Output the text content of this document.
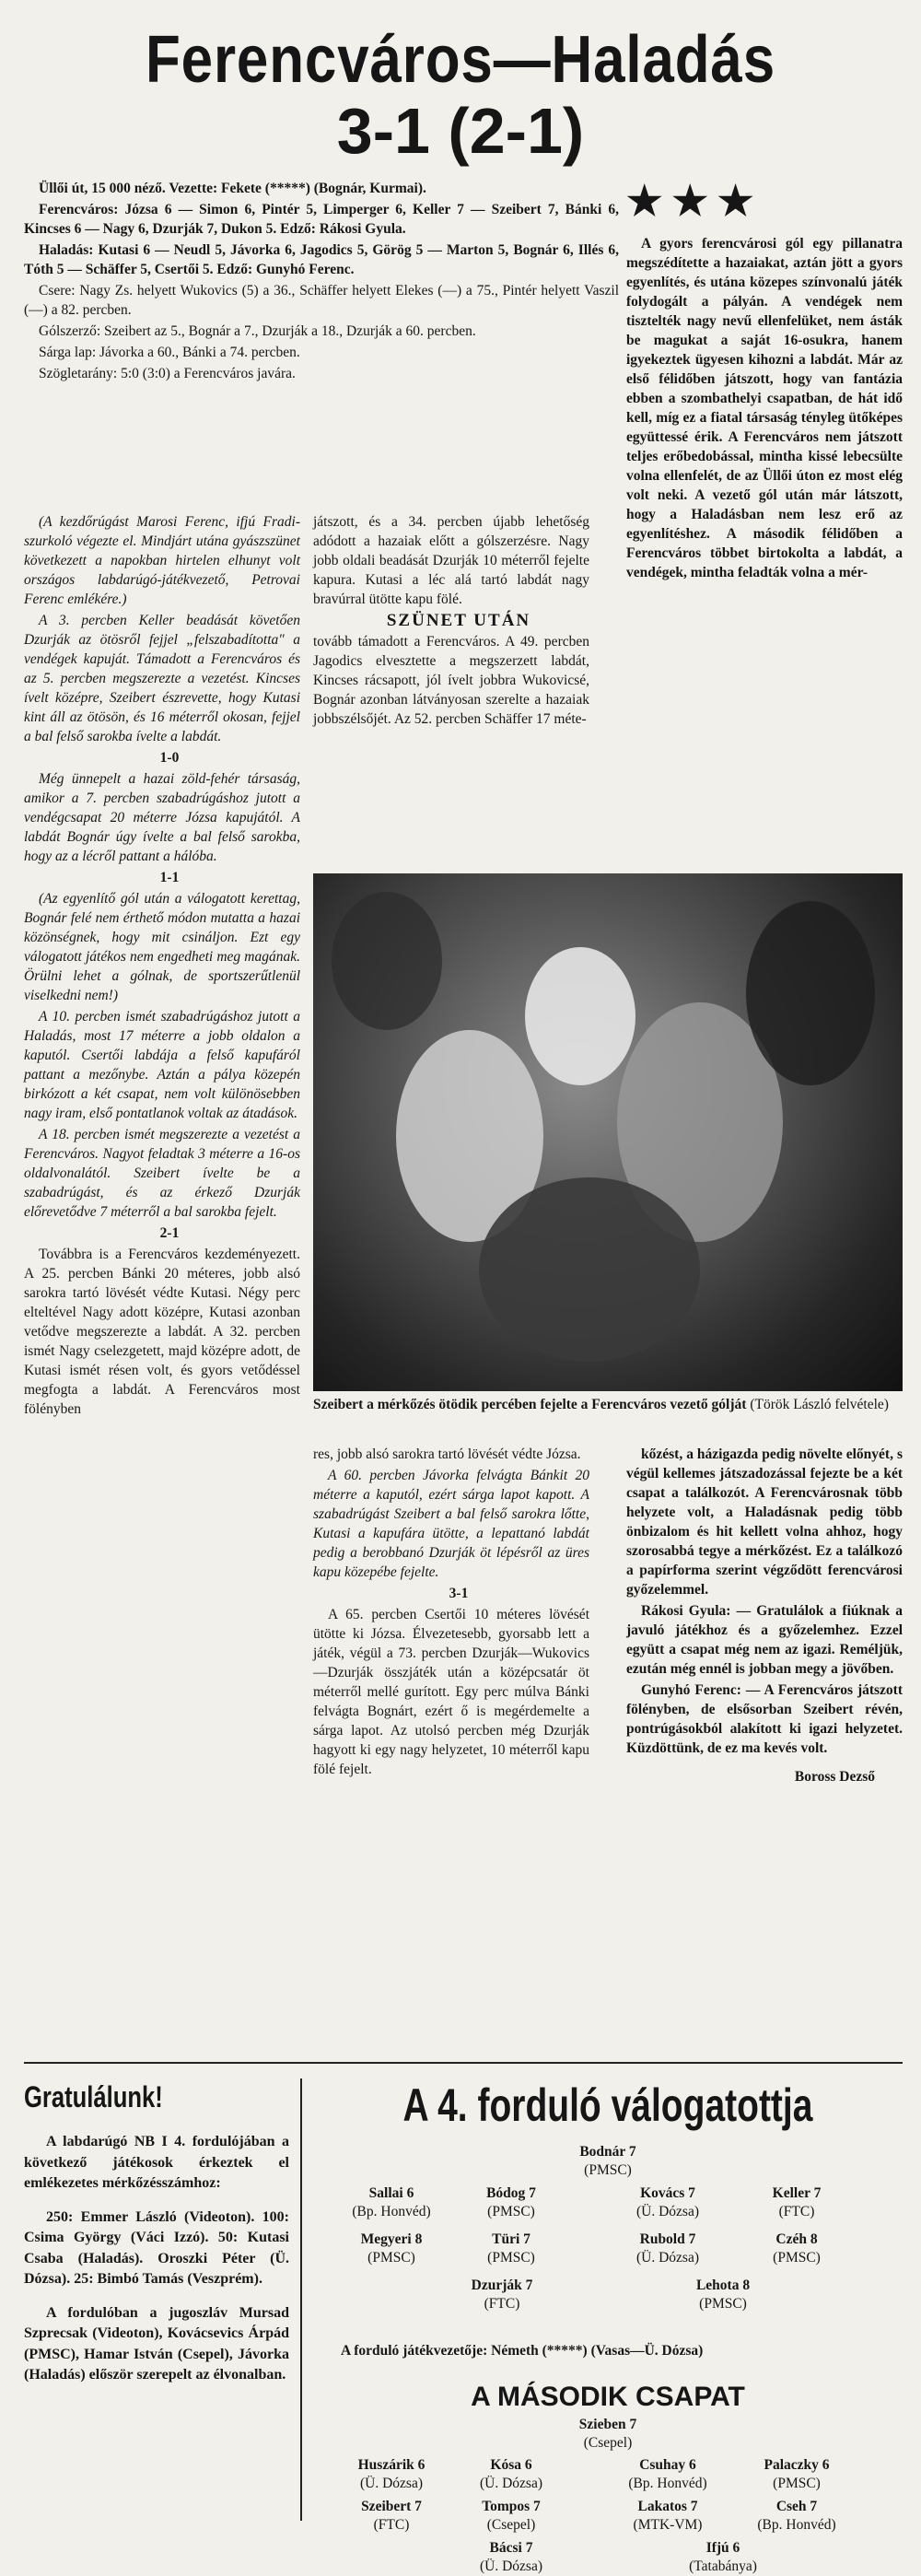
Ferencváros—Haladás
3-1 (2-1)

Üllői út, 15 000 néző. Vezette: Fekete (*****) (Bognár, Kurmai).

Ferencváros: Józsa 6 — Simon 6, Pintér 5, Limperger 6, Keller 7 — Szeibert 7, Bánki 6, Kincses 6 — Nagy 6, Dzurják 7, Dukon 5. Edző: Rákosi Gyula.

Haladás: Kutasi 6 — Neudl 5, Jávorka 6, Jagodics 5, Görög 5 — Marton 5, Bognár 6, Illés 6, Tóth 5 — Schäffer 5, Csertői 5. Edző: Gunyhó Ferenc.

Csere: Nagy Zs. helyett Wukovics (5) a 36., Schäffer helyett Elekes (—) a 75., Pintér helyett Vaszil (—) a 82. percben.

Gólszerző: Szeibert az 5., Bognár a 7., Dzurják a 18., Dzurják a 60. percben.

Sárga lap: Jávorka a 60., Bánki a 74. percben.

Szögletarány: 5:0 (3:0) a Ferencváros javára.

(A kezdőrúgást Marosi Ferenc, ifjú Fradi-szurkoló végezte el. Mindjárt utána gyászszünet következett a napokban hirtelen elhunyt volt országos labdarúgó-játékvezető, Petrovai Ferenc emlékére.)

A 3. percben Keller beadását követően Dzurják az ötösről fejjel „felszabadította" a vendégek kapuját. Támadott a Ferencváros és az 5. percben megszerezte a vezetést. Kincses ívelt középre, Szeibert észrevette, hogy Kutasi kint áll az ötösön, és 16 méterről okosan, fejjel a bal felső sarokba ívelte a labdát.

1-0

Még ünnepelt a hazai zöld-fehér társaság, amikor a 7. percben szabadrúgáshoz jutott a vendégcsapat 20 méterre Józsa kapujától. A labdát Bognár úgy ívelte a bal felső sarokba, hogy az a lécről pattant a hálóba.

1-1

(Az egyenlítő gól után a válogatott kerettag, Bognár felé nem érthető módon mutatta a hazai közönségnek, hogy mit csináljon. Ezt egy válogatott játékos nem engedheti meg magának. Örülni lehet a gólnak, de sportszerűtlenül viselkedni nem!)

A 10. percben ismét szabadrúgáshoz jutott a Haladás, most 17 méterre a jobb oldalon a kaputól. Csertői labdája a felső kapufáról pattant a mezőnybe. Aztán a pálya közepén birkózott a két csapat, nem volt különösebben nagy iram, első pontatlanok voltak az átadások.

A 18. percben ismét megszerezte a vezetést a Ferencváros. Nagyot feladtak 3 méterre a 16-os oldalvonalától. Szeibert ívelte be a szabadrúgást, és az érkező Dzurják előrevetődve 7 méterről a bal sarokba fejelt.

2-1

Továbbra is a Ferencváros kezdeményezett. A 25. percben Bánki 20 méteres, jobb alsó sarokra tartó lövését védte Kutasi. Négy perc elteltével Nagy adott középre, Kutasi azonban vetődve megszerezte a labdát. A 32. percben ismét Nagy cselezgetett, majd középre adott, de Kutasi ismét résen volt, és gyors vetődéssel megfogta a labdát. A Ferencváros most fölényben

játszott, és a 34. percben újabb lehetőség adódott a hazaiak előtt a gólszerzésre. Nagy jobb oldali beadását Dzurják 10 méterről fejelte kapura. Kutasi a léc alá tartó labdát nagy bravúrral ütötte kapu fölé.

SZÜNET UTÁN

tovább támadott a Ferencváros. A 49. percben Jagodics elvesztette a megszerzett labdát, Kincses rácsapott, jól ívelt jobbra Wukovicsé, Bognár azonban látványosan szerelte a hazaiak jobbszélsőjét. Az 52. percben Schäffer 17 méte-

★★★

A gyors ferencvárosi gól egy pillanatra megszédítette a hazaiakat, aztán jött a gyors egyenlítés, és utána közepes színvonalú játék folydogált a pályán. A vendégek nem tisztelték nagy nevű ellenfelüket, nem ásták be magukat a saját 16-osukra, hanem igyekeztek ügyesen kihozni a labdát. Már az első félidőben játszott, hogy van fantázia ebben a szombathelyi csapatban, de hát idő kell, míg ez a fiatal társaság tényleg ütőképes együttessé érik. A Ferencváros nem játszott teljes erőbedobással, mintha kissé lebecsülte volna ellenfelét, de az Üllői úton ez most elég volt neki. A vezető gól után már látszott, hogy a Haladásban nem lesz erő az egyenlítéshez. A második félidőben a Ferencváros többet birtokolta a labdát, a vendégek, mintha feladták volna a mér-

Szeibert a mérkőzés ötödik percében fejelte a Ferencváros vezető gólját (Török László felvétele)

res, jobb alsó sarokra tartó lövését védte Józsa.

A 60. percben Jávorka felvágta Bánkit 20 méterre a kaputól, ezért sárga lapot kapott. A szabadrúgást Szeibert a bal felső sarokra lőtte, Kutasi a kapufára ütötte, a lepattanó labdát pedig a berobbanó Dzurják öt lépésről az üres kapu közepébe fejelte.

3-1

A 65. percben Csertői 10 méteres lövését ütötte ki Józsa. Élvezetesebb, gyorsabb lett a játék, végül a 73. percben Dzurják—Wukovics—Dzurják összjáték után a középcsatár öt méterről mellé gurított. Egy perc múlva Bánki felvágta Bognárt, ezért ő is megérdemelte a sárga lapot. Az utolsó percben még Dzurják hagyott ki egy nagy helyzetet, 10 méterről kapu fölé fejelt.

kőzést, a házigazda pedig növelte előnyét, s végül kellemes játszadozással fejezte be a két csapat a találkozót. A Ferencvárosnak több helyzete volt, a Haladásnak pedig több önbizalom és hit kellett volna ahhoz, hogy szorosabbá tegye a mérkőzést. Ez a találkozó a papírforma szerint végződött ferencvárosi győzelemmel.

Rákosi Gyula: — Gratulálok a fiúknak a javuló játékhoz és a győzelemhez. Ezzel együtt a csapat még nem az igazi. Reméljük, ezután még ennél is jobban megy a jövőben.

Gunyhó Ferenc: — A Ferencváros játszott fölényben, de elsősorban Szeibert révén, pontrúgásokból alakított ki igazi helyzetet. Küzdöttünk, de ez ma kevés volt.

Boross Dezső
Gratulálunk!

A labdarúgó NB I 4. fordulójában a következő játékosok érkeztek el emlékezetes mérkőzésszámhoz:

250: Emmer László (Videoton). 100: Csima György (Váci Izzó). 50: Kutasi Csaba (Haladás). Oroszki Péter (Ü. Dózsa). 25: Bimbó Tamás (Veszprém).

A fordulóban a jugoszláv Mursad Szprecsak (Videoton), Kovácsevics Árpád (PMSC), Hamar István (Csepel), Jávorka (Haladás) először szerepelt az élvonalban.

A 4. forduló válogatottja
Bodnár 7
(PMSC)
Sallai 6
(Bp. Honvéd)
Bódog 7
(PMSC)
Kovács 7
(Ü. Dózsa)
Keller 7
(FTC)
Megyeri 8
(PMSC)
Türi 7
(PMSC)
Rubold 7
(Ü. Dózsa)
Czéh 8
(PMSC)
Dzurják 7
(FTC)
Lehota 8
(PMSC)
A forduló játékvezetője: Németh (*****) (Vasas—Ü. Dózsa)
A MÁSODIK CSAPAT
Szieben 7
(Csepel)
Huszárik 6
(Ü. Dózsa)
Kósa 6
(Ü. Dózsa)
Csuhay 6
(Bp. Honvéd)
Palaczky 6
(PMSC)
Szeibert 7
(FTC)
Tompos 7
(Csepel)
Lakatos 7
(MTK-VM)
Cseh 7
(Bp. Honvéd)
Bácsi 7
(Ü. Dózsa)
Ifjú 6
(Tatabánya)
